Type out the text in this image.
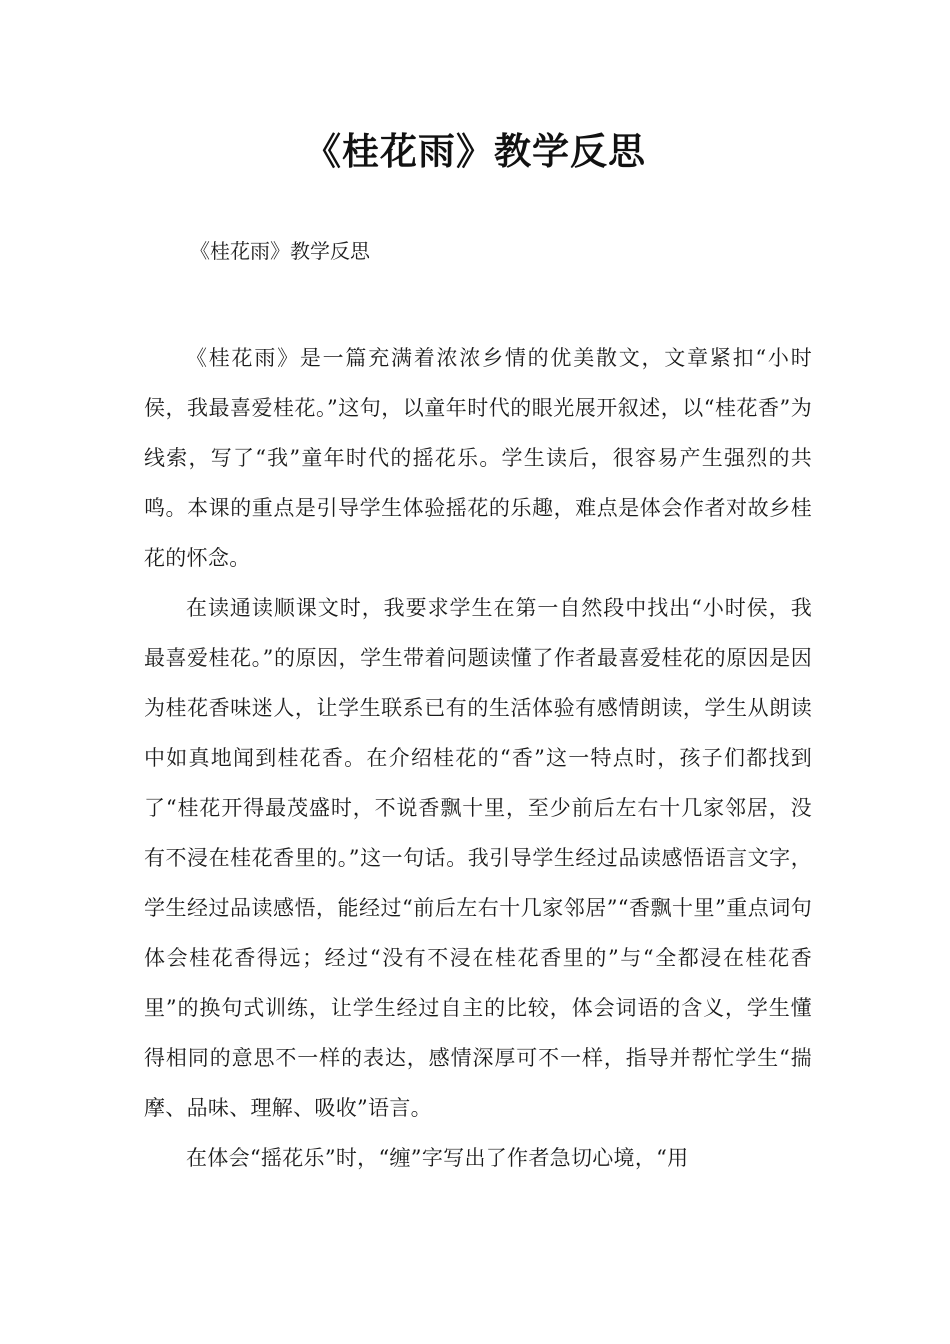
《桂花雨》教学反思

《桂花雨》教学反思

《桂花雨》是一篇充满着浓浓乡情的优美散文，文章紧扣“小时侯，我最喜爱桂花。”这句，以童年时代的眼光展开叙述，以“桂花香”为线索，写了“我”童年时代的摇花乐。学生读后，很容易产生强烈的共鸣。本课的重点是引导学生体验摇花的乐趣，难点是体会作者对故乡桂花的怀念。

在读通读顺课文时，我要求学生在第一自然段中找出“小时侯，我最喜爱桂花。”的原因，学生带着问题读懂了作者最喜爱桂花的原因是因为桂花香味迷人，让学生联系已有的生活体验有感情朗读，学生从朗读中如真地闻到桂花香。在介绍桂花的“香”这一特点时，孩子们都找到了“桂花开得最茂盛时，不说香飘十里，至少前后左右十几家邻居，没有不浸在桂花香里的。”这一句话。我引导学生经过品读感悟语言文字，学生经过品读感悟，能经过“前后左右十几家邻居”“香飘十里”重点词句体会桂花香得远；经过“没有不浸在桂花香里的”与“全都浸在桂花香里”的换句式训练，让学生经过自主的比较，体会词语的含义，学生懂得相同的意思不一样的表达，感情深厚可不一样，指导并帮忙学生“揣摩、品味、理解、吸收”语言。

在体会“摇花乐”时，“缠”字写出了作者急切心境，“用
